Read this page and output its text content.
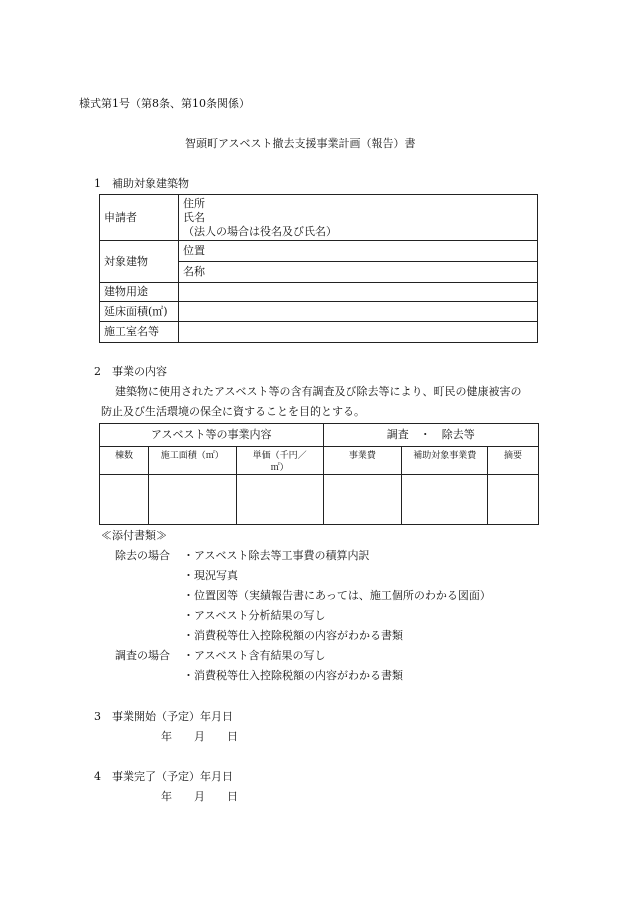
様式第1号（第8条、第10条関係）
智頭町アスベスト撤去支援事業計画（報告）書
1　補助対象建築物
申請者	住所
氏名
（法人の場合は役名及び氏名）

対象建物	位置
	名称
建物用途	
延床面積(㎡)	
施工室名等	
2　事業の内容
建築物に使用されたアスベスト等の含有調査及び除去等により、町民の健康被害の
防止及び生活環境の保全に資することを目的とする。
アスベスト等の事業内容			調査　・　除去等		
棟数	施工面積（㎡）	単価（千円／
㎡）	事業費	補助対象事業費	摘要

≪添付書類≫
除去の場合 ・アスベスト除去等工事費の積算内訳
・現況写真
・位置図等（実績報告書にあっては、施工個所のわかる図面）
・アスベスト分析結果の写し
・消費税等仕入控除税額の内容がわかる書類
調査の場合 ・アスベスト含有結果の写し
・消費税等仕入控除税額の内容がわかる書類
3　事業開始（予定）年月日
年　　月　　日
4　事業完了（予定）年月日
年　　月　　日
